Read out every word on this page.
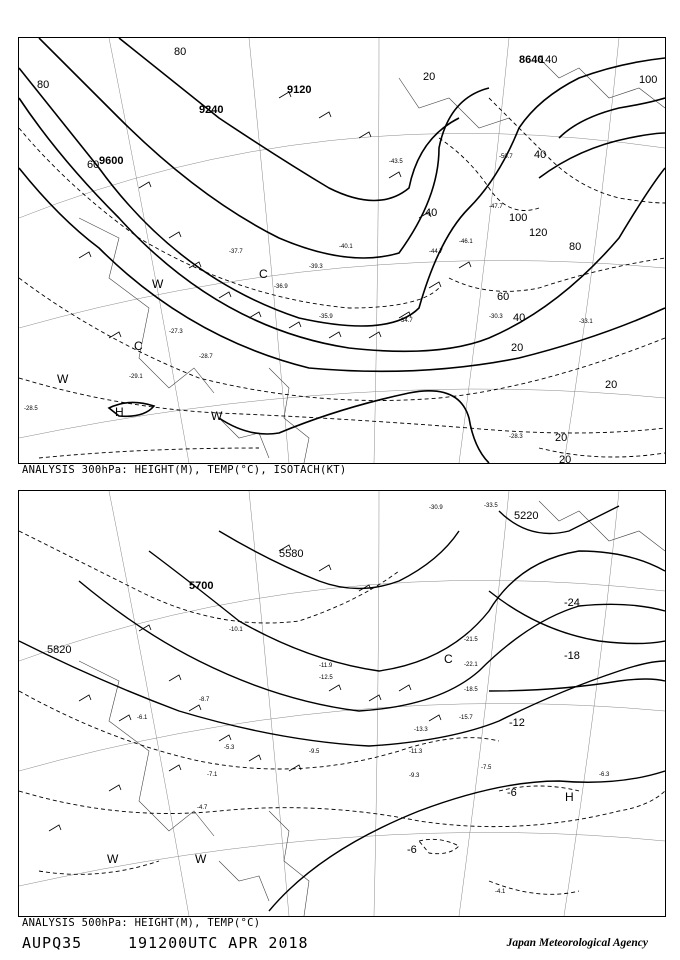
9120
9240
9600
8640
80
80
60
20
40
40	100
120
80
60
40
20
20
20
20
100
140
C
W
H	W
C
W
-43.5
-40.1
-39.3
-36.9
-35.9
-33.1
-30.3
-28.7
-28.3
-27.3
-47.7
-50.7
-46.1
-44.7
-29.1
-28.5
-34.7
-37.7
ANALYSIS 300hPa: HEIGHT(M), TEMP(°C), ISOTACH(KT)
5700
5580
5820
5220
-24
-18
-12
-6
-6
C
W	W
H
-30.9	-33.5
-21.5
-22.1
-18.5
-15.7
-13.3
-11.3
-9.3
-7.5
-6.3
-4.1
-9.5
-11.9
-12.5
-10.1
-8.7
-7.1
-4.7
-5.3
-6.1
ANALYSIS 500hPa: HEIGHT(M), TEMP(°C)
AUPQ35	191200UTC APR 2018	Japan Meteorological Agency
